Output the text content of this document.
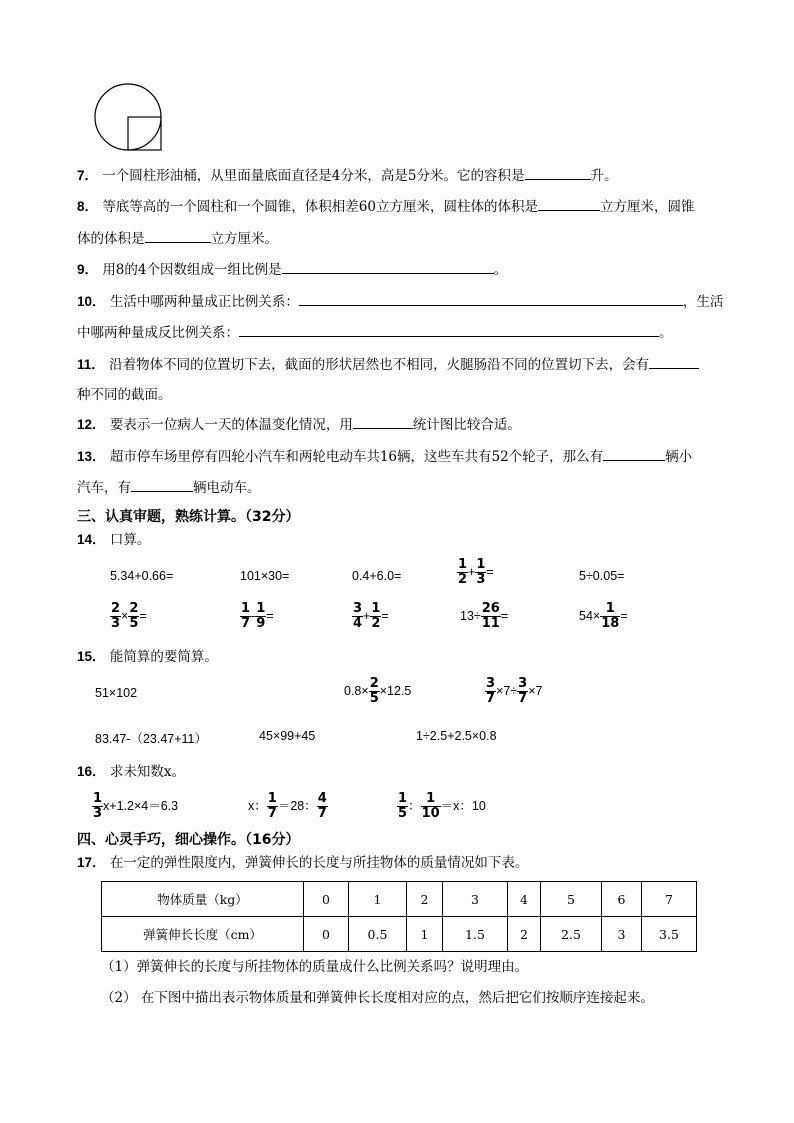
7． 一个圆柱形油桶，从里面量底面直径是4分米，高是5分米。它的容积是	升。
8． 等底等高的一个圆柱和一个圆锥，体积相差60立方厘米，圆柱体的体积是	立方厘米，圆锥
体的体积是	立方厘米。
9． 用8的4个因数组成一组比例是	。
10． 生活中哪两种量成正比例关系：	，生活
中哪两种量成反比例关系：	。
11． 沿着物体不同的位置切下去，截面的形状居然也不相同，火腿肠沿不同的位置切下去，会有
种不同的截面。
12． 要表示一位病人一天的体温变化情况，用	统计图比较合适。
13． 超市停车场里停有四轮小汽车和两轮电动车共16辆，这些车共有52个轮子，那么有	辆小
汽车，有	辆电动车。
三、认真审题，熟练计算。（32分）
14． 口算。
5.34+0.66=	101×30=	0.4+6.0=	$\frac{1}{2} + \frac{1}{3}$ =	5÷0.05=
$\frac{2}{3} \times \frac{2}{5}$ =	$\frac{1}{7} - \frac{1}{9}$ =	$\frac{3}{4} + \frac{1}{2}$ =	$13\div \frac{26}{11}$ =	$54\times \frac{1}{18}$ =
15． 能简算的要简算。
51×102	$0.8\times \frac{2}{5} \times 12.5$	$\frac{3}{7} \times 7\div \frac{3}{7} \times 7$
83.47-（23.47+11）	45×99+45	1÷2.5+2.5×0.8
16． 求未知数x。
$\frac{1}{3} x+1.2\times 4=6.3$	x： $\frac{1}{7} =28$： $\frac{4}{7}$	$\frac{1}{5}$ ： $\frac{1}{10} =x$：10
四、心灵手巧，细心操作。（16分）
17． 在一定的弹性限度内，弹簧伸长的长度与所挂物体的质量情况如下表。
物体质量（kg）	0	1	2	3	4	5	6	7
弹簧伸长长度（cm）	0	0.5	1	1.5	2	2.5	3	3.5
（1）弹簧伸长的长度与所挂物体的质量成什么比例关系吗？说明理由。
（2） 在下图中描出表示物体质量和弹簧伸长长度相对应的点，然后把它们按顺序连接起来。
